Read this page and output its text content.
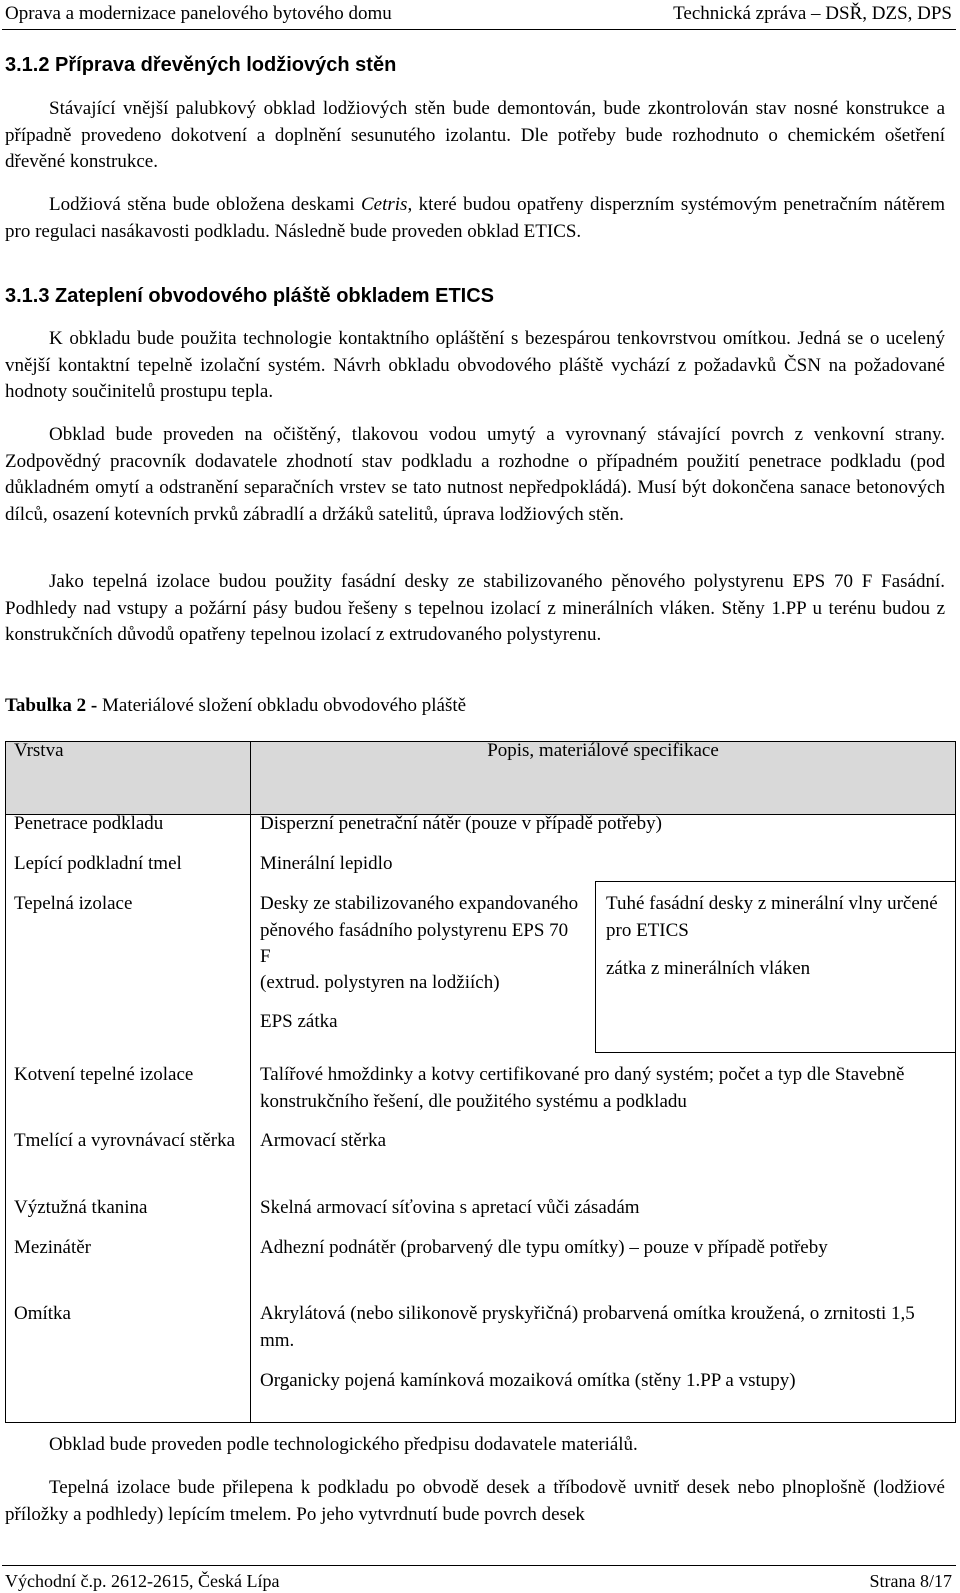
Oprava a modernizace panelového bytového domu	Technická zpráva – DSŘ, DZS, DPS
3.1.2 Příprava dřevěných lodžiových stěn
Stávající vnější palubkový obklad lodžiových stěn bude demontován, bude zkontrolován stav nosné konstrukce a případně provedeno dokotvení a doplnění sesunutého izolantu. Dle potřeby bude rozhodnuto o chemickém ošetření dřevěné konstrukce.
Lodžiová stěna bude obložena deskami Cetris, které budou opatřeny disperzním systémovým penetračním nátěrem pro regulaci nasákavosti podkladu. Následně bude proveden obklad ETICS.
3.1.3 Zateplení obvodového pláště obkladem ETICS
K obkladu bude použita technologie kontaktního opláštění s bezespárou tenkovrstvou omítkou. Jedná se o ucelený vnější kontaktní tepelně izolační systém. Návrh obkladu obvodového pláště vychází z požadavků ČSN na požadované hodnoty součinitelů prostupu tepla.
Obklad bude proveden na očištěný, tlakovou vodou umytý a vyrovnaný stávající povrch z venkovní strany. Zodpovědný pracovník dodavatele zhodnotí stav podkladu a rozhodne o případném použití penetrace podkladu (pod důkladném omytí a odstranění separačních vrstev se tato nutnost nepředpokládá). Musí být dokončena sanace betonových dílců, osazení kotevních prvků zábradlí a držáků satelitů, úprava lodžiových stěn.
Jako tepelná izolace budou použity fasádní desky ze stabilizovaného pěnového polystyrenu EPS 70 F Fasádní. Podhledy nad vstupy a požární pásy budou řešeny s tepelnou izolací z minerálních vláken. Stěny 1.PP u terénu budou z konstrukčních důvodů opatřeny tepelnou izolací z extrudovaného polystyrenu.
Tabulka 2 - Materiálové složení obkladu obvodového pláště
Vrstva	Popis, materiálové specifikace
Penetrace podkladu	Disperzní penetrační nátěr (pouze v případě potřeby)
Lepící podkladní tmel	Minerální lepidlo
Tepelná izolace	Desky ze stabilizovaného expandovaného pěnového fasádního polystyrenu EPS 70 F
(extrud. polystyren na lodžiích)
EPS zátka
Tuhé fasádní desky z minerální vlny určené pro ETICS
zátka z minerálních vláken
Kotvení tepelné izolace	Talířové hmoždinky a kotvy certifikované pro daný systém; počet a typ dle Stavebně konstrukčního řešení, dle použitého systému a podkladu
Tmelící a vyrovnávací stěrka	Armovací stěrka
Výztužná tkanina	Skelná armovací síťovina s apretací vůči zásadám
Mezinátěr	Adhezní podnátěr (probarvený dle typu omítky) – pouze v případě potřeby
Omítka	Akrylátová (nebo silikonově pryskyřičná) probarvená omítka kroužená, o zrnitosti 1,5 mm.
Organicky pojená kamínková mozaiková omítka (stěny 1.PP a vstupy)
Obklad bude proveden podle technologického předpisu dodavatele materiálů.
Tepelná izolace bude přilepena k podkladu po obvodě desek a tříbodově uvnitř desek nebo plnoplošně (lodžiové příložky a podhledy) lepícím tmelem. Po jeho vytvrdnutí bude povrch desek
Východní č.p. 2612-2615, Česká Lípa	Strana 8/17
